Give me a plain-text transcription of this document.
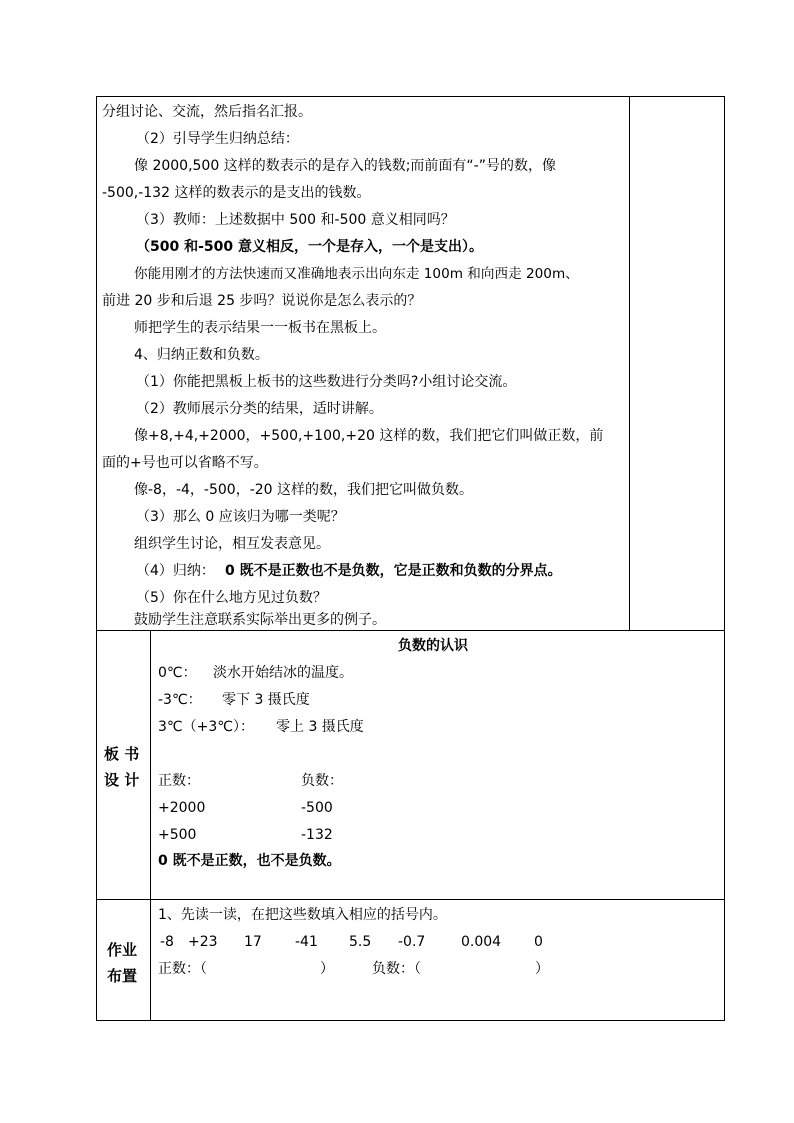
分组讨论、交流，然后指名汇报。
（2）引导学生归纳总结：
像 2000,500 这样的数表示的是存入的钱数;而前面有“-”号的数，像
-500,-132 这样的数表示的是支出的钱数。
（3）教师：上述数据中 500 和-500 意义相同吗？
（500 和-500 意义相反，一个是存入，一个是支出）。
你能用刚才的方法快速而又准确地表示出向东走 100m 和向西走 200m、
前进 20 步和后退 25 步吗？说说你是怎么表示的？
师把学生的表示结果一一板书在黑板上。
4、归纳正数和负数。
（1）你能把黑板上板书的这些数进行分类吗?小组讨论交流。
（2）教师展示分类的结果，适时讲解。
像+8,+4,+2000，+500,+100,+20 这样的数，我们把它们叫做正数，前
面的+号也可以省略不写。
像-8，-4，-500，-20 这样的数，我们把它叫做负数。
（3）那么 0 应该归为哪一类呢？
组织学生讨论，相互发表意见。
（4）归纳： 0 既不是正数也不是负数，它是正数和负数的分界点。
（5）你在什么地方见过负数？
鼓励学生注意联系实际举出更多的例子。
板 书
设 计
负数的认识
0℃： 淡水开始结冰的温度。
-3℃： 零下 3 摄氏度
3℃（+3℃）： 零上 3 摄氏度
正数：	负数：
+2000	-500
+500	-132
0 既不是正数，也不是负数。
作业
布置
1、先读一读，在把这些数填入相应的括号内。
-8 +23 17 -41 5.5 -0.7	0.004 0
正数：（	）	负数：（	）
